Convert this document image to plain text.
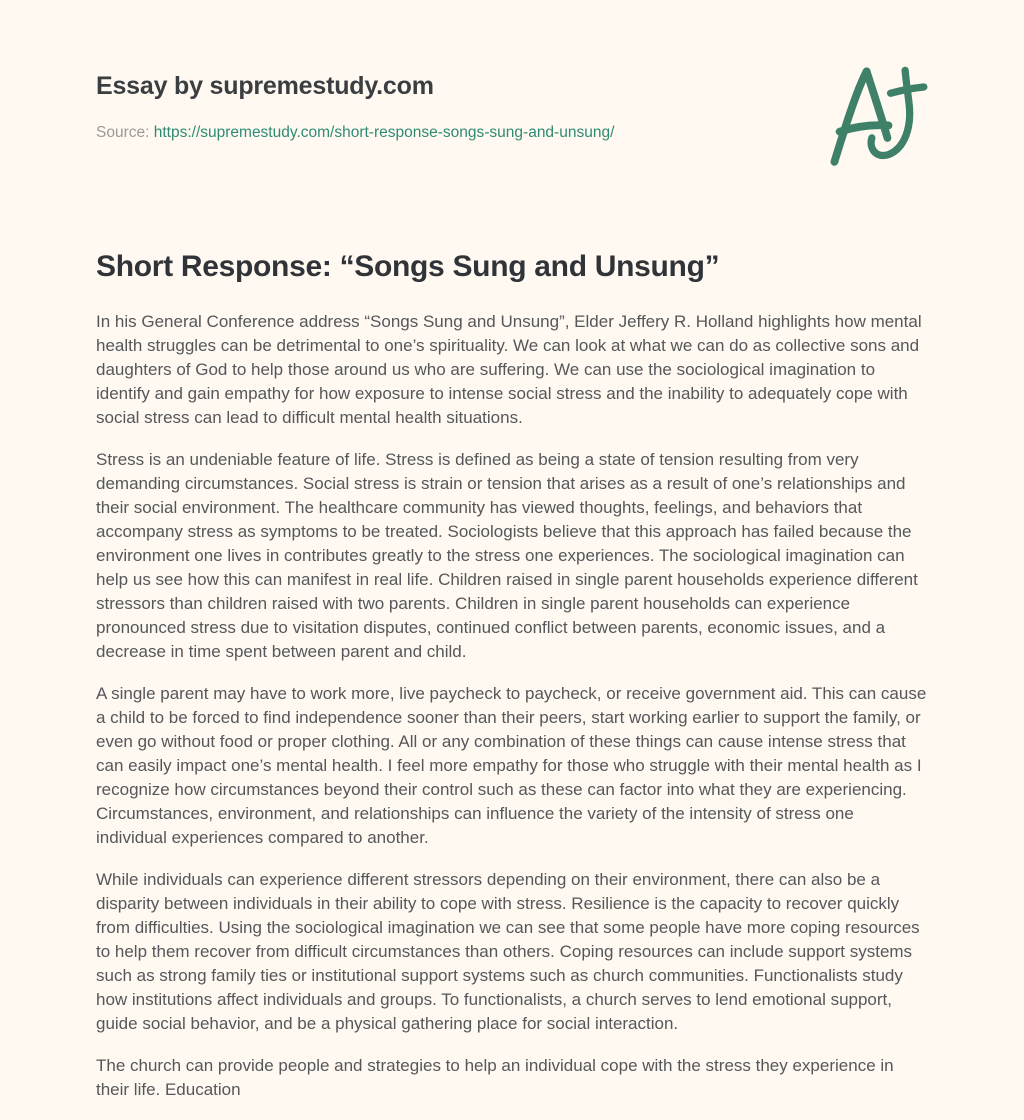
Essay by supremestudy.com
Source: https://supremestudy.com/short-response-songs-sung-and-unsung/
Short Response: “Songs Sung and Unsung”

In his General Conference address “Songs Sung and Unsung”, Elder Jeffery R. Holland highlights how mental health struggles can be detrimental to one’s spirituality. We can look at what we can do as collective sons and daughters of God to help those around us who are suffering. We can use the sociological imagination to identify and gain empathy for how exposure to intense social stress and the inability to adequately cope with social stress can lead to difficult mental health situations.

Stress is an undeniable feature of life. Stress is defined as being a state of tension resulting from very demanding circumstances. Social stress is strain or tension that arises as a result of one’s relationships and their social environment. The healthcare community has viewed thoughts, feelings, and behaviors that accompany stress as symptoms to be treated. Sociologists believe that this approach has failed because the environment one lives in contributes greatly to the stress one experiences. The sociological imagination can help us see how this can manifest in real life. Children raised in single parent households experience different stressors than children raised with two parents. Children in single parent households can experience pronounced stress due to visitation disputes, continued conflict between parents, economic issues, and a decrease in time spent between parent and child.

A single parent may have to work more, live paycheck to paycheck, or receive government aid. This can cause a child to be forced to find independence sooner than their peers, start working earlier to support the family, or even go without food or proper clothing. All or any combination of these things can cause intense stress that can easily impact one’s mental health. I feel more empathy for those who struggle with their mental health as I recognize how circumstances beyond their control such as these can factor into what they are experiencing. Circumstances, environment, and relationships can influence the variety of the intensity of stress one individual experiences compared to another.

While individuals can experience different stressors depending on their environment, there can also be a disparity between individuals in their ability to cope with stress. Resilience is the capacity to recover quickly from difficulties. Using the sociological imagination we can see that some people have more coping resources to help them recover from difficult circumstances than others. Coping resources can include support systems such as strong family ties or institutional support systems such as church communities. Functionalists study how institutions affect individuals and groups. To functionalists, a church serves to lend emotional support, guide social behavior, and be a physical gathering place for social interaction.

The church can provide people and strategies to help an individual cope with the stress they experience in their life. Education
